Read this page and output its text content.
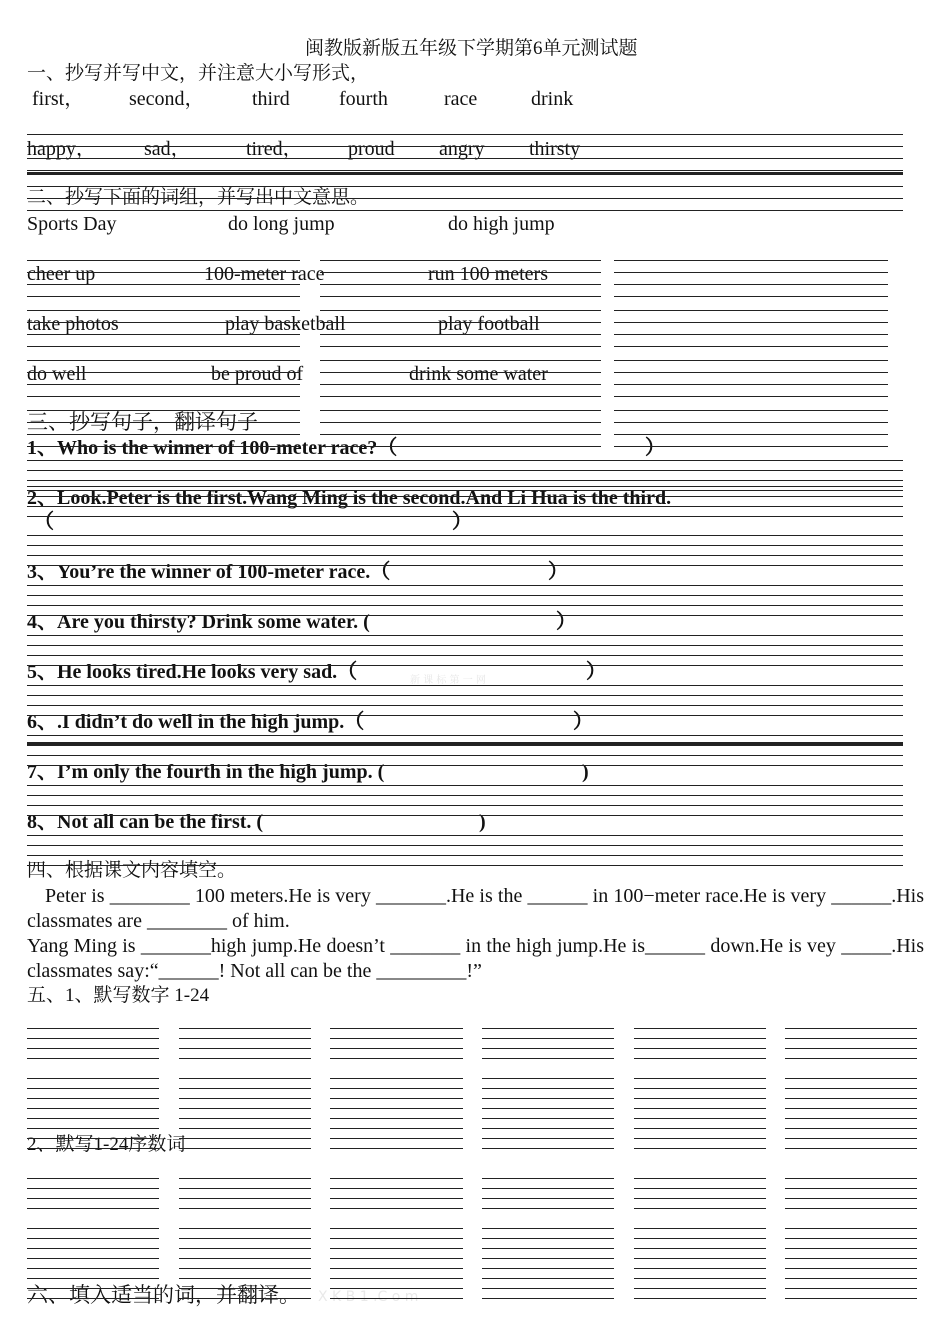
闽教版新版五年级下学期第6单元测试题
一、抄写并写中文，并注意大小写形式，
first， second， third fourth	race	drink
happy， sad，	tired， proud angry thirsty
二、抄写下面的词组，并写出中文意思。
Sports Day	do long jump	do high jump
cheer up	100-meter race	run 100 meters
take photos	play basketball	play football
do well	be proud of	drink some water
三、抄写句子，翻译句子
1、Who is the winner of 100-meter race?（	）
2、Look.Peter is the first.Wang Ming is the second.And Li Hua is the third.
（	）
3、You’re the winner of 100-meter race.（	）
4、Are you thirsty? Drink some water. (	）
5、He looks tired.He looks very sad.（	）
6、.I didn’t do well in the high jump.（	）
7、I’m only the fourth in the high jump. (	)
8、Not all can be the first. (	)
四、根据课文内容填空。
Peter is ________ 100 meters.He is very _______.He is the ______ in 100−meter race.He is very ______.His classmates are ________ of him.
Yang Ming is _______high jump.He doesn’t _______ in the high jump.He is______ down.He is vey _____.His classmates say:“______! Not all can be the _________!”
五、1、默写数字 1-24
2、默写1-24序数词
六、填入适当的词，并翻译。
新 课 标 第 一 网
X K B 1 .C o m
